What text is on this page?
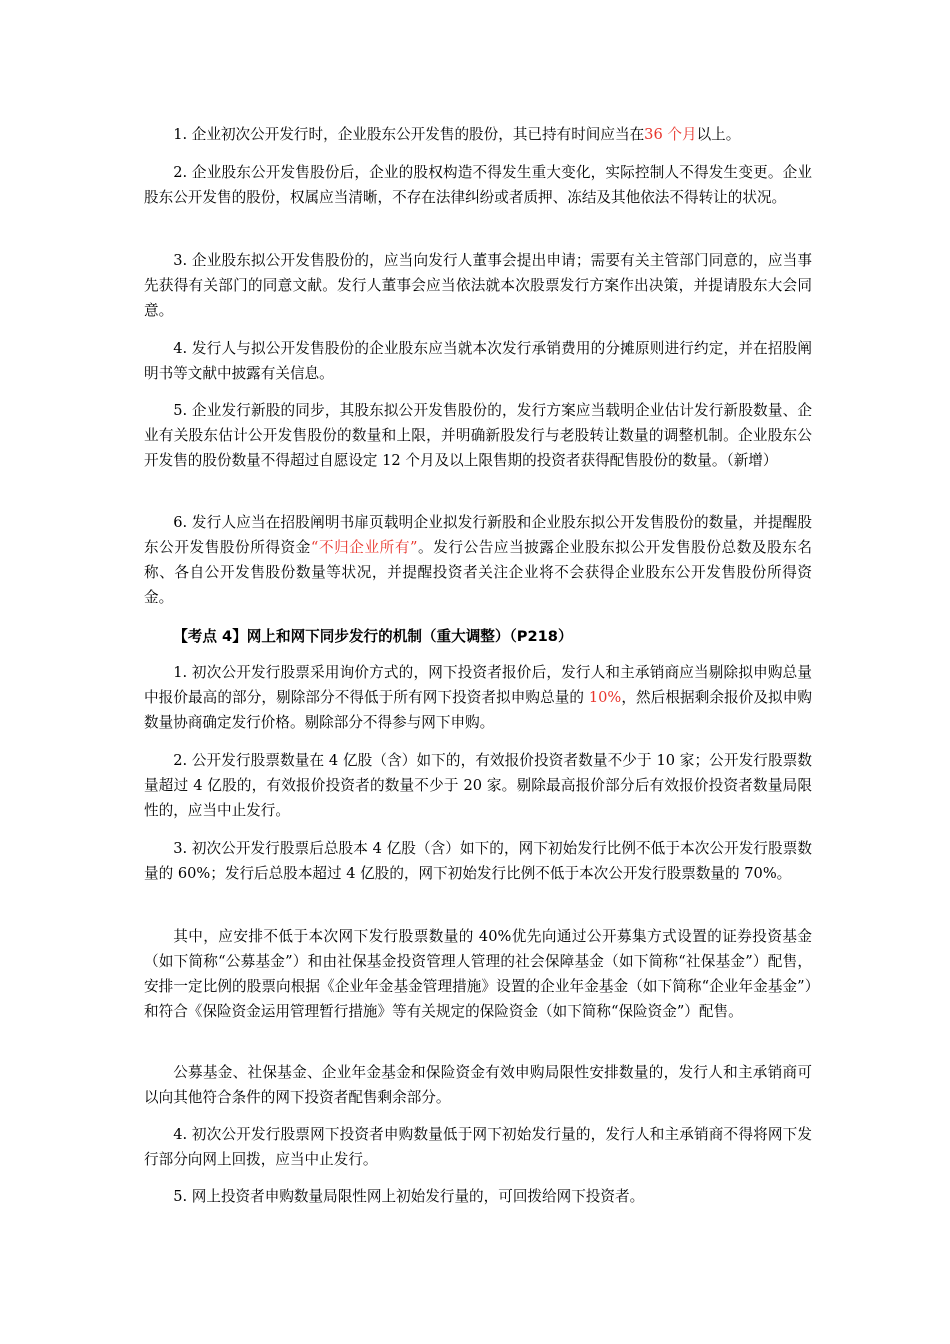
1. 企业初次公开发行时，企业股东公开发售的股份，其已持有时间应当在36 个月以上。

2. 企业股东公开发售股份后，企业的股权构造不得发生重大变化，实际控制人不得发生变更。企业股东公开发售的股份，权属应当清晰，不存在法律纠纷或者质押、冻结及其他依法不得转让的状况。

3. 企业股东拟公开发售股份的，应当向发行人董事会提出申请；需要有关主管部门同意的，应当事先获得有关部门的同意文献。发行人董事会应当依法就本次股票发行方案作出决策，并提请股东大会同意。

4. 发行人与拟公开发售股份的企业股东应当就本次发行承销费用的分摊原则进行约定，并在招股阐明书等文献中披露有关信息。

5. 企业发行新股的同步，其股东拟公开发售股份的，发行方案应当载明企业估计发行新股数量、企业有关股东估计公开发售股份的数量和上限，并明确新股发行与老股转让数量的调整机制。企业股东公开发售的股份数量不得超过自愿设定 12 个月及以上限售期的投资者获得配售股份的数量。（新增）

6. 发行人应当在招股阐明书扉页载明企业拟发行新股和企业股东拟公开发售股份的数量，并提醒股东公开发售股份所得资金“不归企业所有”。发行公告应当披露企业股东拟公开发售股份总数及股东名称、各自公开发售股份数量等状况，并提醒投资者关注企业将不会获得企业股东公开发售股份所得资金。

【考点 4】网上和网下同步发行的机制（重大调整）（P218）

1. 初次公开发行股票采用询价方式的，网下投资者报价后，发行人和主承销商应当剔除拟申购总量中报价最高的部分，剔除部分不得低于所有网下投资者拟申购总量的 10%，然后根据剩余报价及拟申购数量协商确定发行价格。剔除部分不得参与网下申购。

2. 公开发行股票数量在 4 亿股（含）如下的，有效报价投资者数量不少于 10 家；公开发行股票数量超过 4 亿股的，有效报价投资者的数量不少于 20 家。剔除最高报价部分后有效报价投资者数量局限性的，应当中止发行。

3. 初次公开发行股票后总股本 4 亿股（含）如下的，网下初始发行比例不低于本次公开发行股票数量的 60%；发行后总股本超过 4 亿股的，网下初始发行比例不低于本次公开发行股票数量的 70%。

其中，应安排不低于本次网下发行股票数量的 40%优先向通过公开募集方式设置的证券投资基金（如下简称“公募基金”）和由社保基金投资管理人管理的社会保障基金（如下简称“社保基金”）配售，安排一定比例的股票向根据《企业年金基金管理措施》设置的企业年金基金（如下简称“企业年金基金”）和符合《保险资金运用管理暂行措施》等有关规定的保险资金（如下简称“保险资金”）配售。

公募基金、社保基金、企业年金基金和保险资金有效申购局限性安排数量的，发行人和主承销商可以向其他符合条件的网下投资者配售剩余部分。

4. 初次公开发行股票网下投资者申购数量低于网下初始发行量的，发行人和主承销商不得将网下发行部分向网上回拨，应当中止发行。

5. 网上投资者申购数量局限性网上初始发行量的，可回拨给网下投资者。
